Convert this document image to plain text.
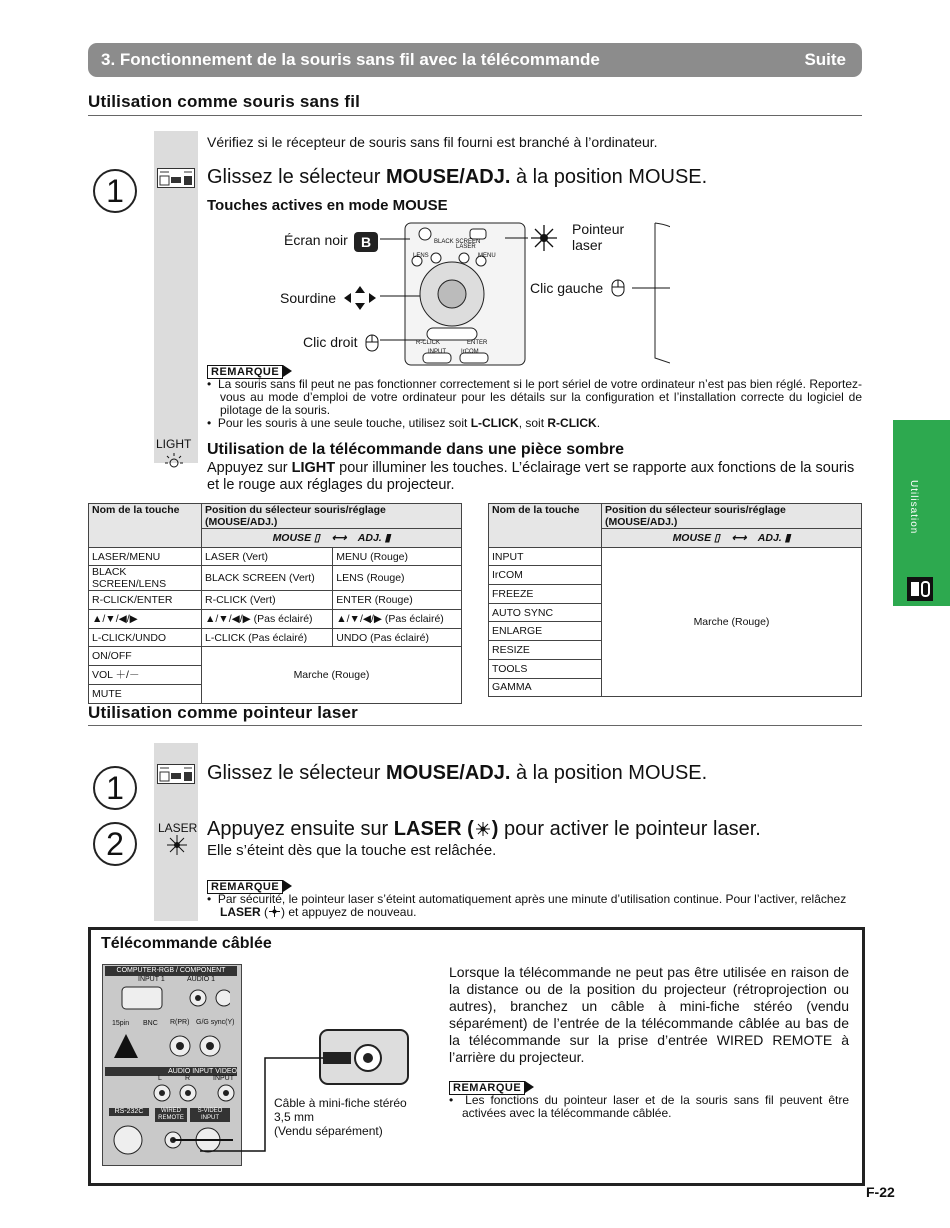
3. Fonctionnement de la souris sans fil avec la télécommande	Suite
Utilisation comme souris sans fil
Vérifiez si le récepteur de souris sans fil fourni est branché à l’ordinateur.
1	Glissez le sélecteur MOUSE/ADJ. à la position MOUSE.
Touches actives en mode MOUSE
BLACK SCREEN
LASER
LENS	MENU
R-CLICK	ENTER
INPUT	IrCOM
Écran noir B
Sourdine
Clic droit
Pointeur
laser
Clic gauche
REMARQUE
•  La souris sans fil peut ne pas fonctionner correctement si le port sériel de votre ordinateur n’est pas bien réglé. Reportez-vous au mode d’emploi de votre ordinateur pour les détails sur la configuration et l’installation correcte du logiciel de pilotage de la souris.
•  Pour les souris à une seule touche, utilisez soit L-CLICK, soit R-CLICK.
LIGHT Utilisation de la télécommande dans une pièce sombre
Appuyez sur LIGHT pour illuminer les touches. L’éclairage vert se rapporte aux fonctions de la souris et le rouge aux réglages du projecteur.
Nom de la touche	Position du sélecteur souris/réglage (MOUSE/ADJ.)	
	MOUSE ▯    ⟷ ADJ. ▮	
LASER/MENU	LASER (Vert)	MENU (Rouge)
BLACK SCREEN/LENS	BLACK SCREEN (Vert)	LENS (Rouge)
R-CLICK/ENTER	R-CLICK (Vert)	ENTER (Rouge)
▲/▼/◀/▶	▲/▼/◀/▶ (Pas éclairé)	▲/▼/◀/▶ (Pas éclairé)
L-CLICK/UNDO	L-CLICK (Pas éclairé)	UNDO (Pas éclairé)
ON/OFF	Marche (Rouge)	
VOL ＋/－		
MUTE		
Nom de la touche	Position du sélecteur souris/réglage (MOUSE/ADJ.)
	MOUSE ▯    ⟷ ADJ. ▮
INPUT	Marche (Rouge)
IrCOM	
FREEZE	
AUTO SYNC	
ENLARGE	
RESIZE	
TOOLS	
GAMMA	
Utilisation comme pointeur laser
1	Glissez le sélecteur MOUSE/ADJ. à la position MOUSE.
2	LASER Appuyez ensuite sur LASER ( ) pour activer le pointeur laser.
Elle s’éteint dès que la touche est relâchée.
REMARQUE
•  Par sécurité, le pointeur laser s’éteint automatiquement après une minute d’utilisation continue. Pour l’activer, relâchez LASER ( ) et appuyez de nouveau.
Télécommande câblée
COMPUTER-RGB / COMPONENT
INPUT 1	AUDIO 1
15pin BNC R(PR) G/G sync(Y)
AUDIO INPUT VIDEO
INPUT
L	R
RS-232C	WIRED REMOTE
S-VIDEO INPUT
Câble à mini-fiche stéréo
3,5 mm
(Vendu séparément)
Lorsque la télécommande ne peut pas être utilisée en raison de la distance ou de la position du projecteur (rétroprojection ou autres), branchez un câble à mini-fiche stéréo (vendu séparément) de l’entrée de la télécommande câblée au bas de la télécommande sur la prise d’entrée WIRED REMOTE à l’arrière du projecteur.
REMARQUE
•  Les fonctions du pointeur laser et de la souris sans fil peuvent être activées avec la télécommande câblée.
Utilisation
F-22
